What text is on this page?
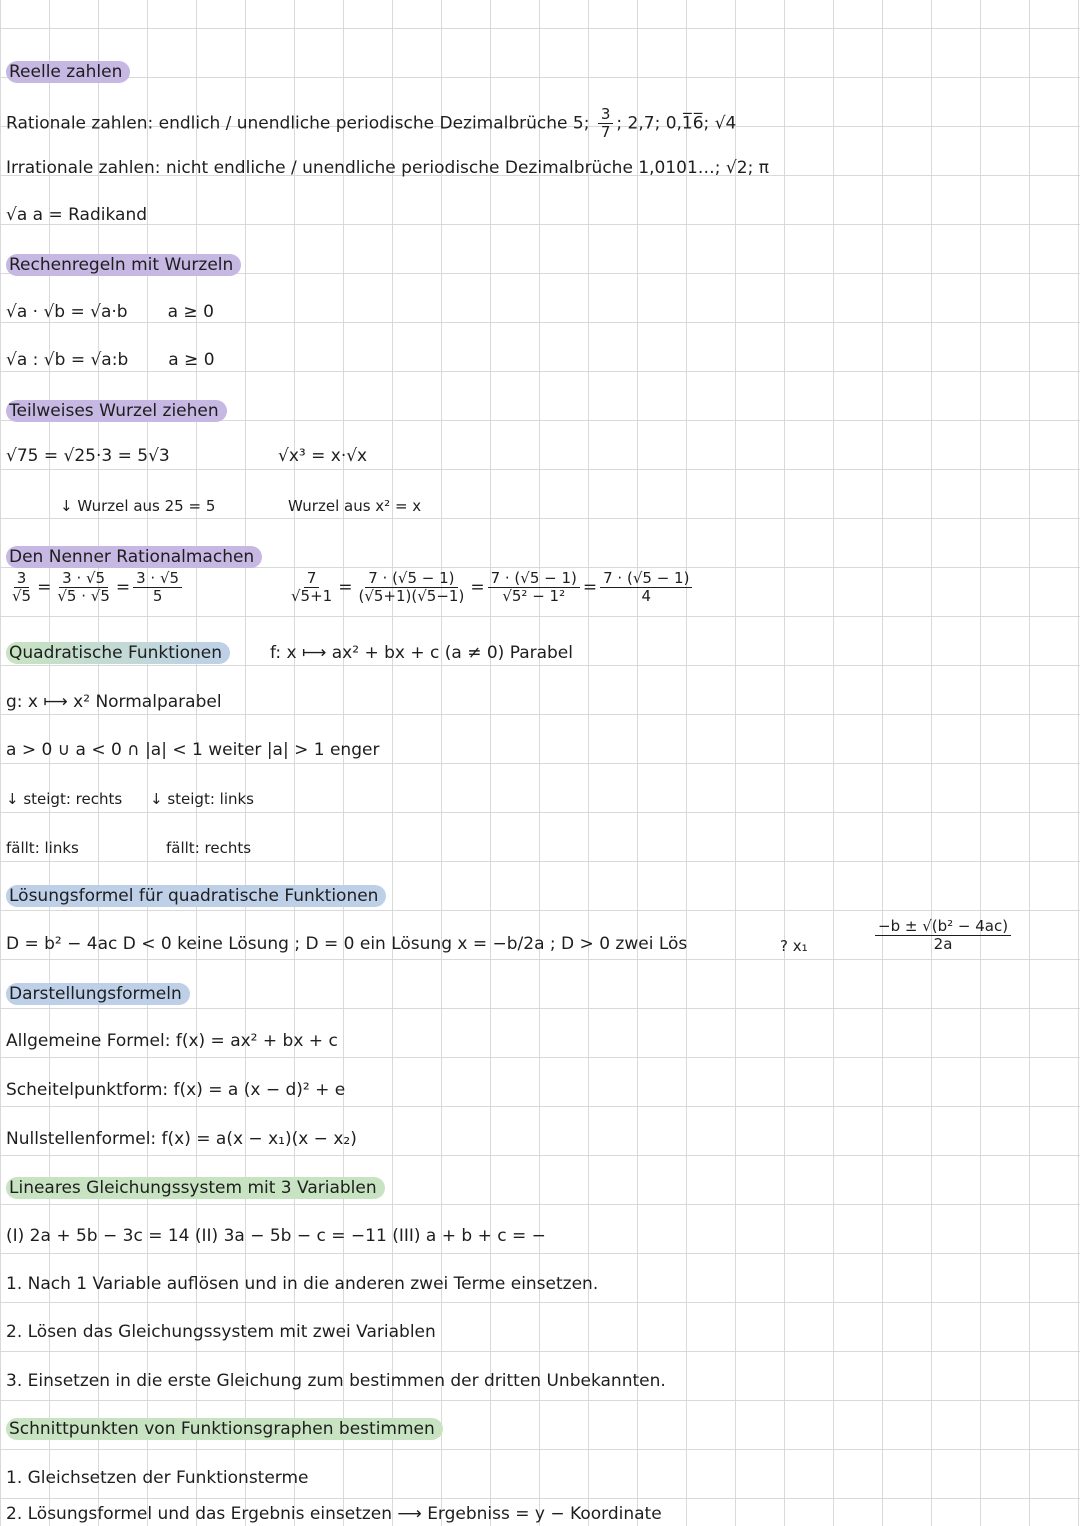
Reelle zahlen
Rationale zahlen: endlich / unendliche periodische Dezimalbrüche 5; $\frac{3}{7}$ ; 2,7; 0,1̅6̅; √4
Irrationale zahlen: nicht endliche / unendliche periodische Dezimalbrüche 1,0101…; √2; π
√a a = Radikand
Rechenregeln mit Wurzeln
√a · √b = √a·b a ≥ 0
√a : √b = √a:b a ≥ 0
Teilweises Wurzel ziehen
√75 = √25·3 = 5√3	√x³ = x·√x
↓ Wurzel aus 25 = 5	Wurzel aus x² = x
Den Nenner Rationalmachen
$\frac{3}{√5} = \frac{3 \cdot √5}{√5 \cdot √5} = \frac{3 \cdot √5}{5}$	$\frac{7}{√5+1} = \frac{7 \cdot (√5 - 1)}{(√5+1)(√5-1)} = \frac{7 \cdot (√5 - 1)}{\text{√5² − 1²}} = \frac{7 \cdot (√5 - 1)}{4}$
Quadratische Funktionen	f: x ⟼ ax² + bx + c (a ≠ 0) Parabel
g: x ⟼ x² Normalparabel
a > 0 ∪ a < 0 ∩ |a| < 1 weiter |a| > 1 enger
↓ steigt: rechts ↓ steigt: links
fällt: links	fällt: rechts
Lösungsformel für quadratische Funktionen
D = b² − 4ac D < 0 keine Lösung ; D = 0 ein Lösung x = −b/2a ; D > 0 zwei Lös	? x₁	$\frac{\text{−b ± √(b² − 4ac)}}{2a}$
Darstellungsformeln
Allgemeine Formel: f(x) = ax² + bx + c
Scheitelpunktform: f(x) = a (x − d)² + e
Nullstellenformel: f(x) = a(x − x₁)(x − x₂)
Lineares Gleichungssystem mit 3 Variablen
(I) 2a + 5b − 3c = 14 (II) 3a − 5b − c = −11 (III) a + b + c = −
1. Nach 1 Variable auflösen und in die anderen zwei Terme einsetzen.
2. Lösen das Gleichungssystem mit zwei Variablen
3. Einsetzen in die erste Gleichung zum bestimmen der dritten Unbekannten.
Schnittpunkten von Funktionsgraphen bestimmen
1. Gleichsetzen der Funktionsterme
2. Lösungsformel und das Ergebnis einsetzen ⟶ Ergebniss = y − Koordinate
